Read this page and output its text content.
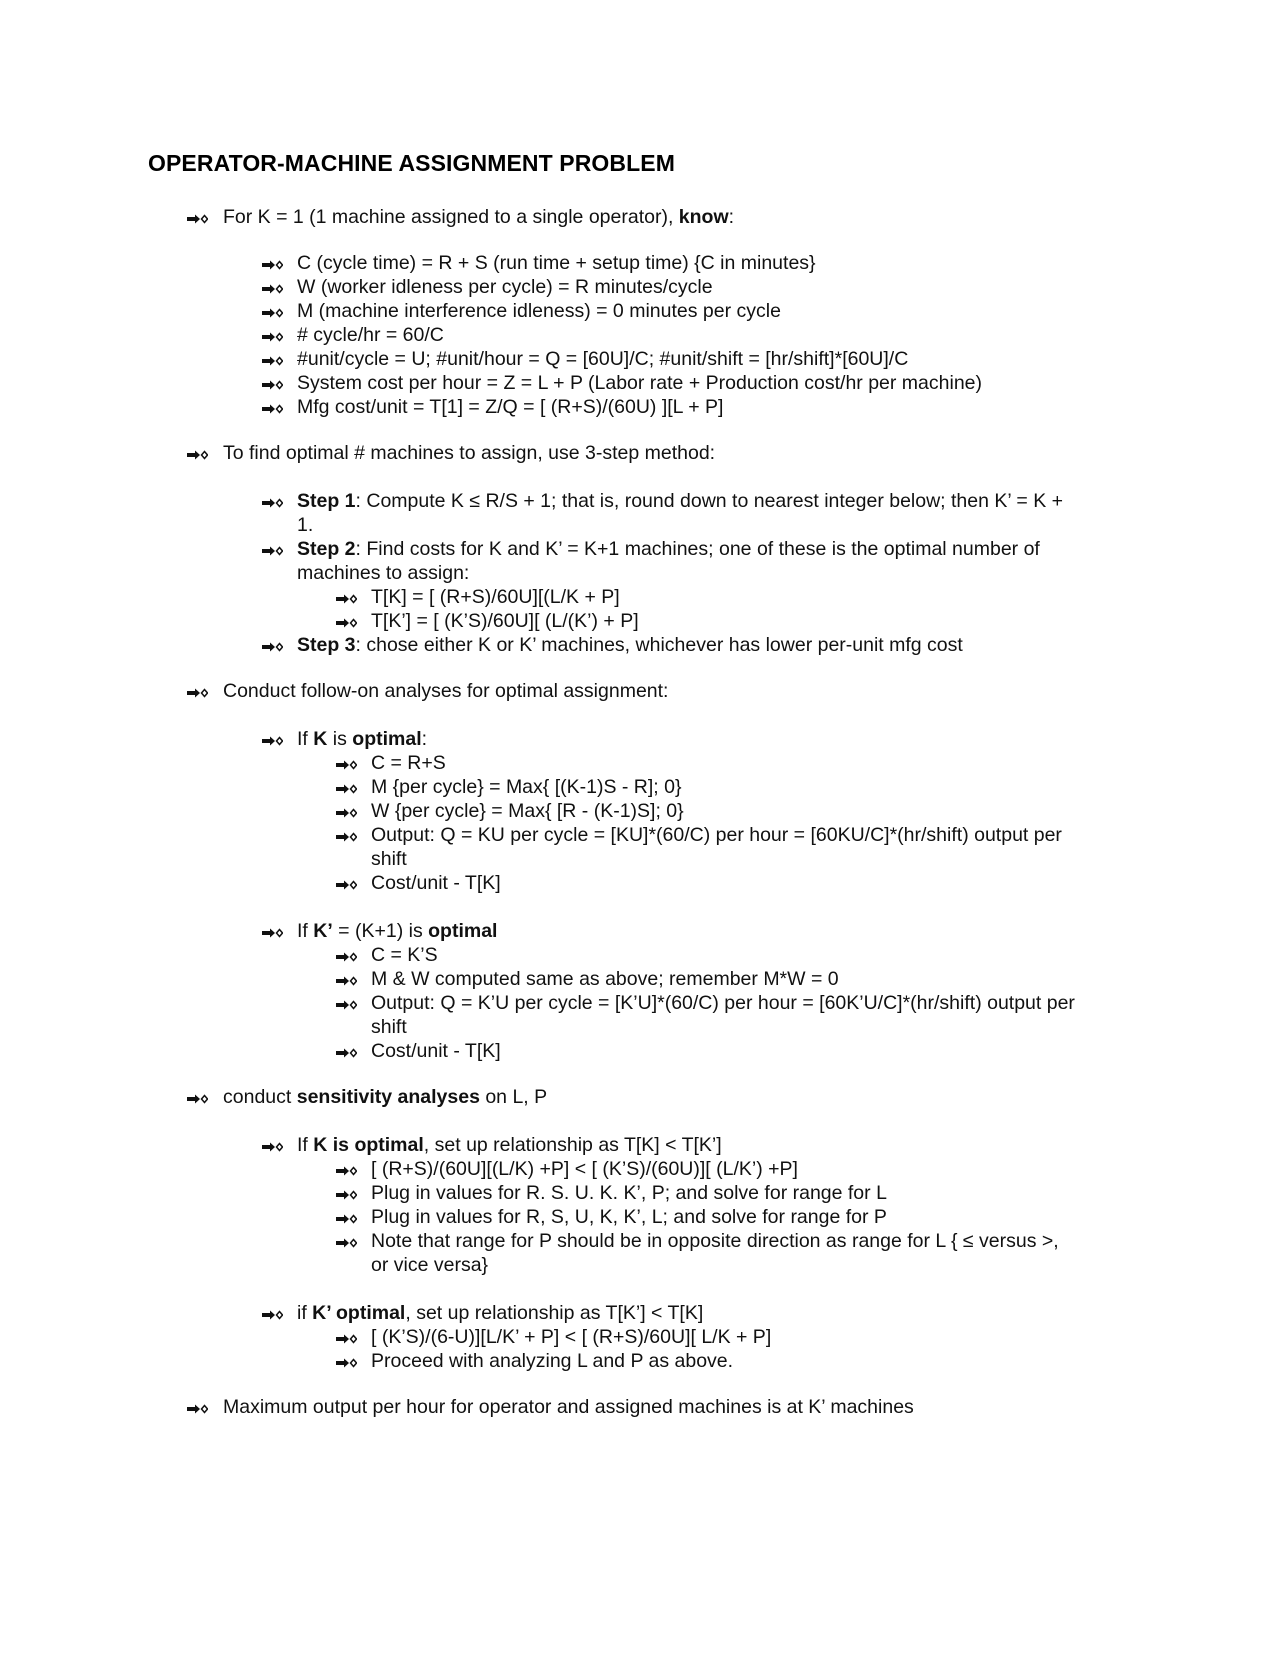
OPERATOR-MACHINE ASSIGNMENT PROBLEM
For K = 1 (1 machine assigned to a single operator), know:
C (cycle time) = R + S (run time + setup time) {C in minutes}
W (worker idleness per cycle) = R minutes/cycle
M (machine interference idleness) = 0 minutes per cycle
# cycle/hr = 60/C
#unit/cycle = U; #unit/hour = Q = [60U]/C; #unit/shift = [hr/shift]*[60U]/C
System cost per hour = Z = L + P (Labor rate + Production cost/hr per machine)
Mfg cost/unit = T[1] = Z/Q = [ (R+S)/(60U) ][L + P]
To find optimal # machines to assign, use 3-step method:
Step 1: Compute K ≤ R/S + 1; that is, round down to nearest integer below; then K’ = K +
1.
Step 2: Find costs for K and K’ = K+1 machines; one of these is the optimal number of
machines to assign:
T[K] = [ (R+S)/60U][(L/K + P]
T[K’] = [ (K’S)/60U][ (L/(K’) + P]
Step 3: chose either K or K’ machines, whichever has lower per-unit mfg cost
Conduct follow-on analyses for optimal assignment:
If K is optimal:
C = R+S
M {per cycle} = Max{ [(K-1)S - R]; 0}
W {per cycle} = Max{ [R - (K-1)S]; 0}
Output: Q = KU per cycle = [KU]*(60/C) per hour = [60KU/C]*(hr/shift) output per
shift
Cost/unit - T[K]
If K’ = (K+1) is optimal
C = K’S
M & W computed same as above; remember M*W = 0
Output: Q = K’U per cycle = [K’U]*(60/C) per hour = [60K’U/C]*(hr/shift) output per
shift
Cost/unit - T[K]
conduct sensitivity analyses on L, P
If K is optimal, set up relationship as T[K] < T[K’]
[ (R+S)/(60U][(L/K) +P] < [ (K’S)/(60U)][ (L/K’) +P]
Plug in values for R. S. U. K. K’, P; and solve for range for L
Plug in values for R, S, U, K, K’, L; and solve for range for P
Note that range for P should be in opposite direction as range for L { ≤ versus >,
or vice versa}
if K’ optimal, set up relationship as T[K’] < T[K]
[ (K’S)/(6-U)][L/K’ + P] < [ (R+S)/60U][ L/K + P]
Proceed with analyzing L and P as above.
Maximum output per hour for operator and assigned machines is at K’ machines
